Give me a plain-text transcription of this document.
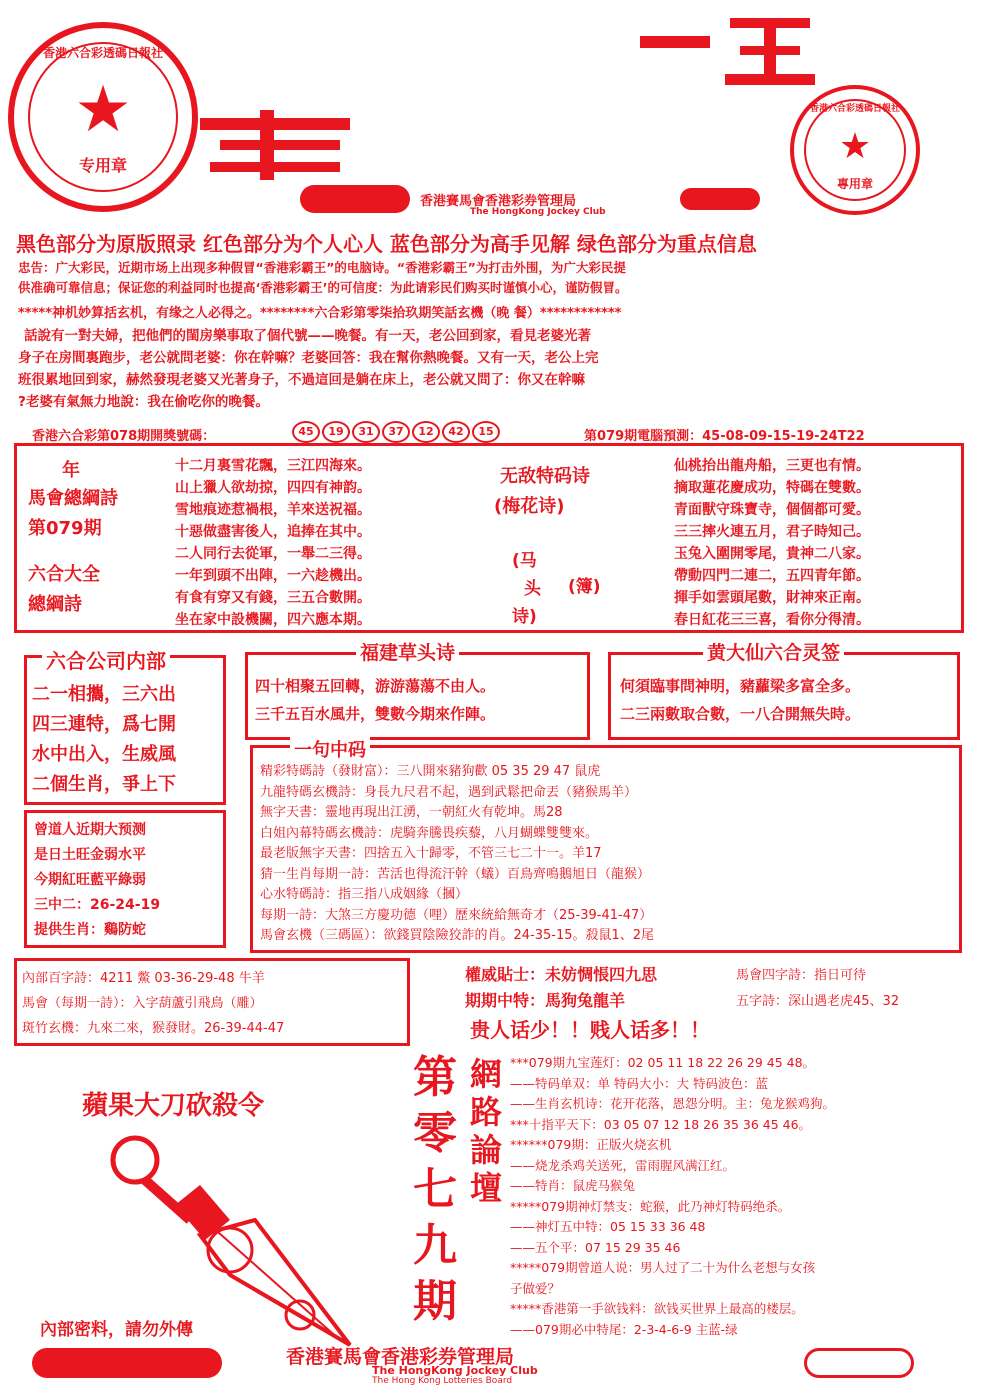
★
专用章
香港六合彩透碼日報社
香港賽馬會香港彩券管理局
The HongKong Jockey Club
★
專用章
香港六合彩透碼日報社
黑色部分为原版照录 红色部分为个人心人 蓝色部分为高手见解 绿色部分为重点信息
忠告：广大彩民，近期市场上出现多种假冒“香港彩霸王”的电脑诗。“香港彩霸王”为打击外围，为广大彩民提
供准确可靠信息；保证您的利益同时也提高‘香港彩霸王’的可信度：为此请彩民们购买时谨慎小心，谨防假冒。
*****神机妙算括玄机，有缘之人必得之。********六合彩第零柒拾玖期笑話玄機（晚 餐）************
話說有一對夫婦，把他們的閨房樂事取了個代號——晚餐。有一天，老公回到家，看見老婆光著
身子在房間裏跑步，老公就問老婆：你在幹嘛？老婆回答：我在幫你熱晚餐。又有一天，老公上完
班很累地回到家，赫然發現老婆又光著身子，不過這回是躺在床上，老公就又問了：你又在幹嘛
?老婆有氣無力地說：我在偷吃你的晚餐。
香港六合彩第078期開獎號碼：	45 19 31 37 12 42 15	第079期電腦預測：45-08-09-15-19-24T22
年
馬會總綱詩
第079期
六合大全
總綱詩
十二月裏雪花飄，三江四海來。
山上獵人欲劫掠，四四有神韵。
雪地痕迹惹禍根，羊來送祝福。
十惡做盡害後人，追捧在其中。
二人同行去從軍，一舉二三得。
一年到頭不出陣，一六趁機出。
有食有穿又有錢，三五合數開。
坐在家中設機關，四六應本期。
无敌特码诗
(梅花诗)
(马
头
诗)
(簿)
仙桃抬出龍舟船，三更也有情。
摘取蓮花慶成功，特碼在雙數。
青面獸守珠寶寺，個個都可愛。
三三摔火連五月，君子時知己。
玉兔入圍開零尾，貴神二八家。
帶動四門二連二，五四青年節。
揮手如雲頭尾數，財神來正南。
春日紅花三三喜，看你分得清。
六合公司内部
二一相攜，三六出
四三連特，爲七開
水中出入，生威風
二個生肖，爭上下
福建草头诗
四十相聚五回轉，游游蕩蕩不由人。
三千五百水風井，雙數今期來作陣。
黄大仙六合灵签
何須臨事問神明，豬蘿梁多富全多。
二三兩數取合數，一八合開無失時。
一句中码
精彩特碼詩（發財富）：三八開來豬狗歡 05 35 29 47 鼠虎
九龍特碼玄機詩：身長九尺君不起，遇到武鬆把命丟（豬猴馬羊）
無字天書：靈地再現出江湧，一朝紅火有乾坤。馬28
白姐內幕特碼玄機詩：虎騎奔騰畏疾藜，八月蝴蝶雙雙來。
最老版無字天書：四捨五入十歸零，不管三七二十一。羊17
猜一生肖每期一詩：苦活也得流汗幹（蟻）百鳥齊鳴鵝旭日（龍猴）
心水特碼詩：指三指八成姻緣（摑）
每期一詩：大煞三方慶功德（哩）歷來統給無奇才（25-39-41-47）
馬會玄機（三碼區）：欲錢買陰險狡詐的肖。24-35-15。殺鼠1、2尾
曾道人近期大预测
是日土旺金弱水平
今期紅旺藍平綠弱
三中二：26-24-19
提供生肖：鷄防蛇
內部百字詩：4211 鱉 03-36-29-48 牛羊
馬會（每期一詩）：入字葫蘆引飛鳥（雕）
斑竹玄機：九來二來，猴發財。26-39-44-47
權威貼士：未妨惆悵四九思
期期中特：馬狗兔龍羊
馬會四字詩：指日可待
五字詩：深山遇老虎45、32
贵人话少！！贱人话多！！
蘋果大刀砍殺令
內部密料，請勿外傳
第零七九期
網路論壇
***079期九宝莲灯：02 05 11 18 22 26 29 45 48。
——特码单双：单 特码大小：大 特码波色：蓝
——生肖玄机诗：花开花落，恩怨分明。主：兔龙猴鸡狗。
***十指平天下：03 05 07 12 18 26 35 36 45 46。
******079期：正版火烧玄机
——烧龙杀鸡关送死，雷雨腥风满江红。
——特肖：鼠虎马猴兔
*****079期神灯禁支：蛇猴，此乃神灯特码绝杀。
——神灯五中特：05 15 33 36 48
——五个平：07 15 29 35 46
*****079期曾道人说：男人过了二十为什么老想与女孩
子做爱？
*****香港第一手欲钱料：欲钱买世界上最高的楼层。
——079期必中特尾：2-3-4-6-9 主蓝-绿
香港賽馬會香港彩券管理局
The HongKong Jockey Club
The Hong Kong Lotteries Board
